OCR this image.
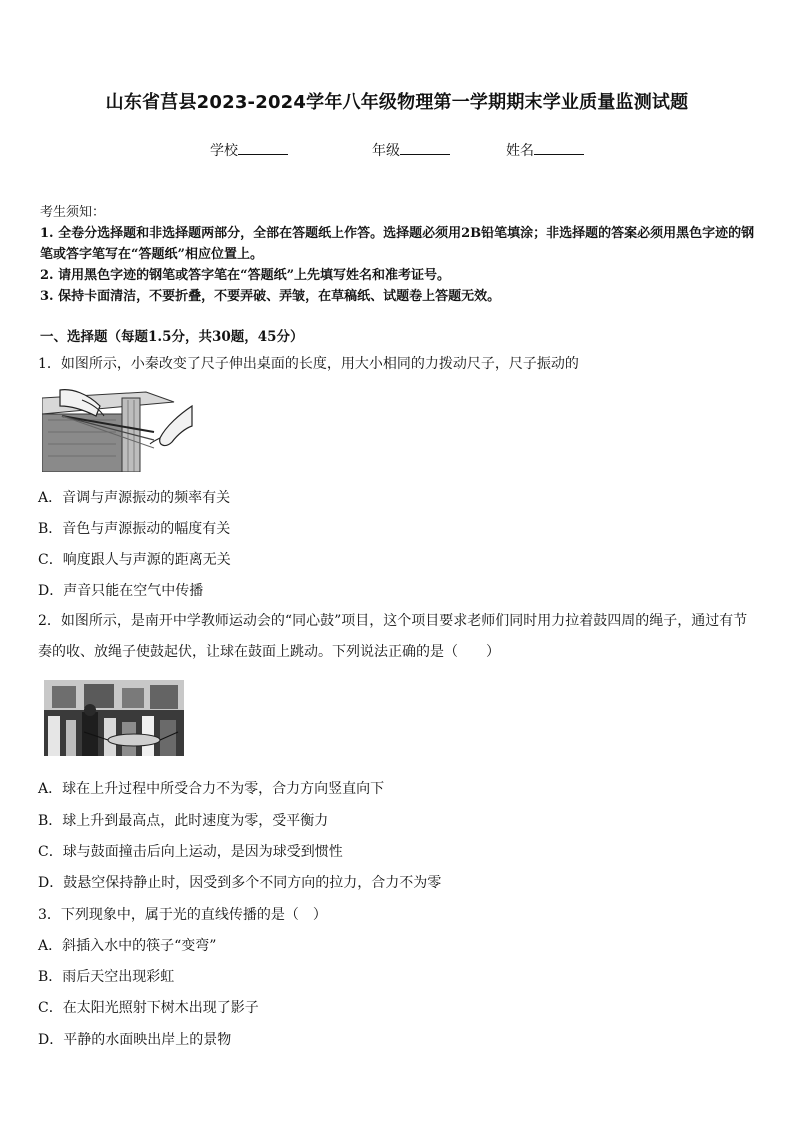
山东省莒县2023-2024学年八年级物理第一学期期末学业质量监测试题
学校	年级	姓名
考生须知：
1. 全卷分选择题和非选择题两部分，全部在答题纸上作答。选择题必须用2B铅笔填涂；非选择题的答案必须用黑色字迹的钢笔或答字笔写在“答题纸”相应位置上。
2. 请用黑色字迹的钢笔或答字笔在“答题纸”上先填写姓名和准考证号。
3. 保持卡面清洁，不要折叠，不要弄破、弄皱，在草稿纸、试题卷上答题无效。
一、选择题（每题1.5分，共30题，45分）
1．如图所示，小秦改变了尺子伸出桌面的长度，用大小相同的力拨动尺子，尺子振动的
A．音调与声源振动的频率有关
B．音色与声源振动的幅度有关
C．响度跟人与声源的距离无关
D．声音只能在空气中传播
2．如图所示，是南开中学教师运动会的“同心鼓”项目，这个项目要求老师们同时用力拉着鼓四周的绳子，通过有节奏的收、放绳子使鼓起伏，让球在鼓面上跳动。下列说法正确的是（　　）
A．球在上升过程中所受合力不为零，合力方向竖直向下
B．球上升到最高点，此时速度为零，受平衡力
C．球与鼓面撞击后向上运动，是因为球受到惯性
D．鼓悬空保持静止时，因受到多个不同方向的拉力，合力不为零
3．下列现象中，属于光的直线传播的是（　）
A．斜插入水中的筷子“变弯”
B．雨后天空出现彩虹
C．在太阳光照射下树木出现了影子
D．平静的水面映出岸上的景物
